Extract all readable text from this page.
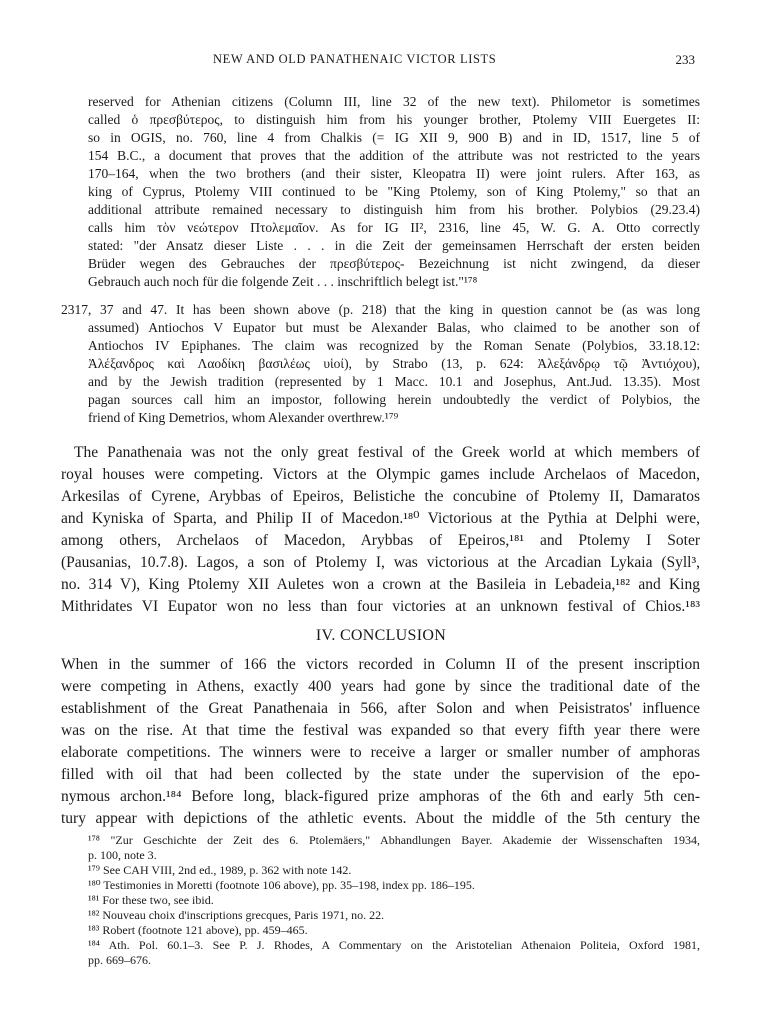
NEW AND OLD PANATHENAIC VICTOR LISTS	233
reserved for Athenian citizens (Column III, line 32 of the new text). Philometor is sometimes
called ὁ πρεσβύτερος, to distinguish him from his younger brother, Ptolemy VIII Euergetes II:
so in OGIS, no. 760, line 4 from Chalkis (= IG XII 9, 900 B) and in ID, 1517, line 5 of
154 B.C., a document that proves that the addition of the attribute was not restricted to the years
170–164, when the two brothers (and their sister, Kleopatra II) were joint rulers. After 163, as
king of Cyprus, Ptolemy VIII continued to be "King Ptolemy, son of King Ptolemy," so that an
additional attribute remained necessary to distinguish him from his brother. Polybios (29.23.4)
calls him τὸν νεώτερον Πτολεμαῖον. As for IG II², 2316, line 45, W. G. A. Otto correctly
stated: "der Ansatz dieser Liste . . . in die Zeit der gemeinsamen Herrschaft der ersten beiden
Brüder wegen des Gebrauches der πρεσβύτερος- Bezeichnung ist nicht zwingend, da dieser
Gebrauch auch noch für die folgende Zeit . . . inschriftlich belegt ist."¹⁷⁸
2317, 37 and 47. It has been shown above (p. 218) that the king in question cannot be (as was long
assumed) Antiochos V Eupator but must be Alexander Balas, who claimed to be another son of
Antiochos IV Epiphanes. The claim was recognized by the Roman Senate (Polybios, 33.18.12:
Ἀλέξανδρος καὶ Λαοδίκη βασιλέως υἱοί), by Strabo (13, p. 624: Ἀλεξάνδρῳ τῷ Ἀντιόχου),
and by the Jewish tradition (represented by 1 Macc. 10.1 and Josephus, Ant.Jud. 13.35). Most
pagan sources call him an impostor, following herein undoubtedly the verdict of Polybios, the
friend of King Demetrios, whom Alexander overthrew.¹⁷⁹
The Panathenaia was not the only great festival of the Greek world at which members of
royal houses were competing. Victors at the Olympic games include Archelaos of Macedon,
Arkesilas of Cyrene, Arybbas of Epeiros, Belistiche the concubine of Ptolemy II, Damaratos
and Kyniska of Sparta, and Philip II of Macedon.¹⁸⁰ Victorious at the Pythia at Delphi were,
among others, Archelaos of Macedon, Arybbas of Epeiros,¹⁸¹ and Ptolemy I Soter
(Pausanias, 10.7.8). Lagos, a son of Ptolemy I, was victorious at the Arcadian Lykaia (Syll³,
no. 314 V), King Ptolemy XII Auletes won a crown at the Basileia in Lebadeia,¹⁸² and King
Mithridates VI Eupator won no less than four victories at an unknown festival of Chios.¹⁸³
IV. CONCLUSION
When in the summer of 166 the victors recorded in Column II of the present inscription
were competing in Athens, exactly 400 years had gone by since the traditional date of the
establishment of the Great Panathenaia in 566, after Solon and when Peisistratos' influence
was on the rise. At that time the festival was expanded so that every fifth year there were
elaborate competitions. The winners were to receive a larger or smaller number of amphoras
filled with oil that had been collected by the state under the supervision of the epo-
nymous archon.¹⁸⁴ Before long, black-figured prize amphoras of the 6th and early 5th cen-
tury appear with depictions of the athletic events. About the middle of the 5th century the
¹⁷⁸ "Zur Geschichte der Zeit des 6. Ptolemäers," Abhandlungen Bayer. Akademie der Wissenschaften 1934,
p. 100, note 3.
¹⁷⁹ See CAH VIII, 2nd ed., 1989, p. 362 with note 142.
¹⁸⁰ Testimonies in Moretti (footnote 106 above), pp. 35–198, index pp. 186–195.
¹⁸¹ For these two, see ibid.
¹⁸² Nouveau choix d'inscriptions grecques, Paris 1971, no. 22.
¹⁸³ Robert (footnote 121 above), pp. 459–465.
¹⁸⁴ Ath. Pol. 60.1–3. See P. J. Rhodes, A Commentary on the Aristotelian Athenaion Politeia, Oxford 1981,
pp. 669–676.
